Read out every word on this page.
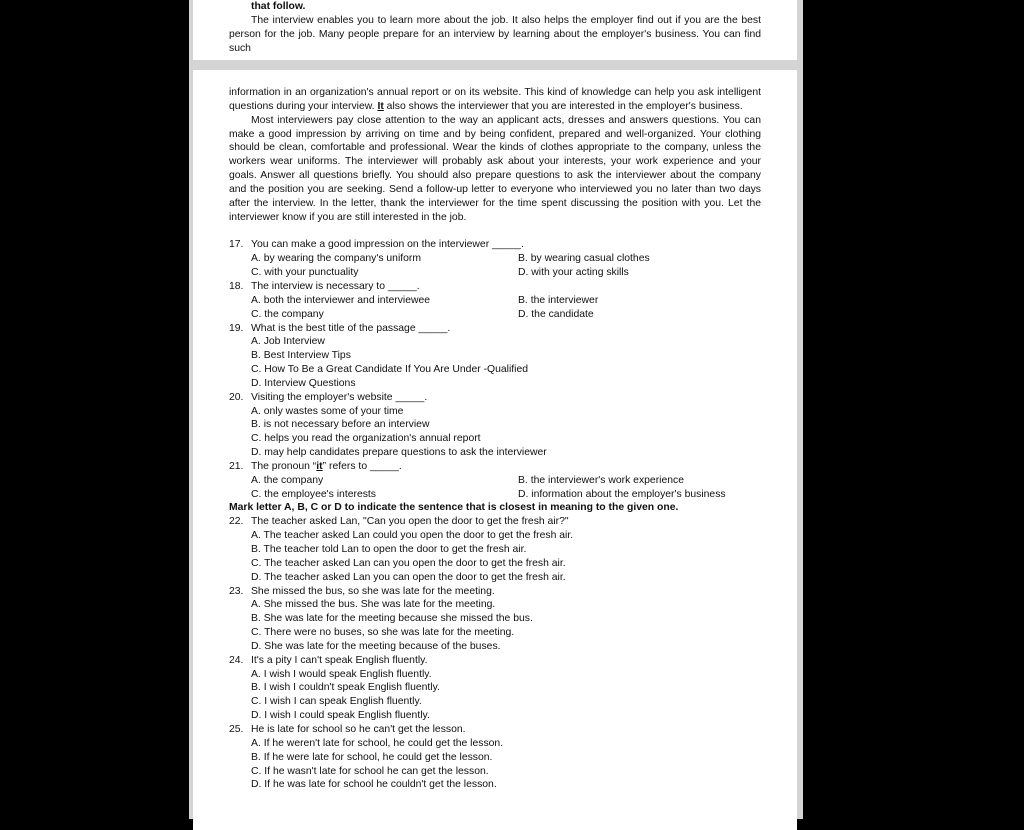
that follow.

The interview enables you to learn more about the job. It also helps the employer find out if you are the best person for the job. Many people prepare for an interview by learning about the employer's business. You can find such

information in an organization's annual report or on its website. This kind of knowledge can help you ask intelligent questions during your interview. It also shows the interviewer that you are interested in the employer's business.

Most interviewers pay close attention to the way an applicant acts, dresses and answers questions. You can make a good impression by arriving on time and by being confident, prepared and well-organized. Your clothing should be clean, comfortable and professional. Wear the kinds of clothes appropriate to the company, unless the workers wear uniforms. The interviewer will probably ask about your interests, your work experience and your goals. Answer all questions briefly. You should also prepare questions to ask the interviewer about the company and the position you are seeking. Send a follow-up letter to everyone who interviewed you no later than two days after the interview. In the letter, thank the interviewer for the time spent discussing the position with you. Let the interviewer know if you are still interested in the job.

17. You can make a good impression on the interviewer _____.
A. by wearing the company's uniform	B. by wearing casual clothes
C. with your punctuality	D. with your acting skills
18. The interview is necessary to _____.
A. both the interviewer and interviewee	B. the interviewer
C. the company	D. the candidate
19. What is the best title of the passage _____.
A. Job Interview
B. Best Interview Tips
C. How To Be a Great Candidate If You Are Under -Qualified
D. Interview Questions
20. Visiting the employer's website _____.
A. only wastes some of your time
B. is not necessary before an interview
C. helps you read the organization's annual report
D. may help candidates prepare questions to ask the interviewer
21. The pronoun “it” refers to _____.
A. the company	B. the interviewer's work experience
C. the employee's interests	D. information about the employer's business

Mark letter A, B, C or D to indicate the sentence that is closest in meaning to the given one.

22. The teacher asked Lan, "Can you open the door to get the fresh air?"
A. The teacher asked Lan could you open the door to get the fresh air.
B. The teacher told Lan to open the door to get the fresh air.
C. The teacher asked Lan can you open the door to get the fresh air.
D. The teacher asked Lan you can open the door to get the fresh air.
23. She missed the bus, so she was late for the meeting.
A. She missed the bus. She was late for the meeting.
B. She was late for the meeting because she missed the bus.
C. There were no buses, so she was late for the meeting.
D. She was late for the meeting because of the buses.
24. It's a pity I can't speak English fluently.
A. I wish I would speak English fluently.
B. I wish I couldn't speak English fluently.
C. I wish I can speak English fluently.
D. I wish I could speak English fluently.
25. He is late for school so he can't get the lesson.
A. If he weren't late for school, he could get the lesson.
B. If he were late for school, he could get the lesson.
C. If he wasn't late for school he can get the lesson.
D. If he was late for school he couldn't get the lesson.
